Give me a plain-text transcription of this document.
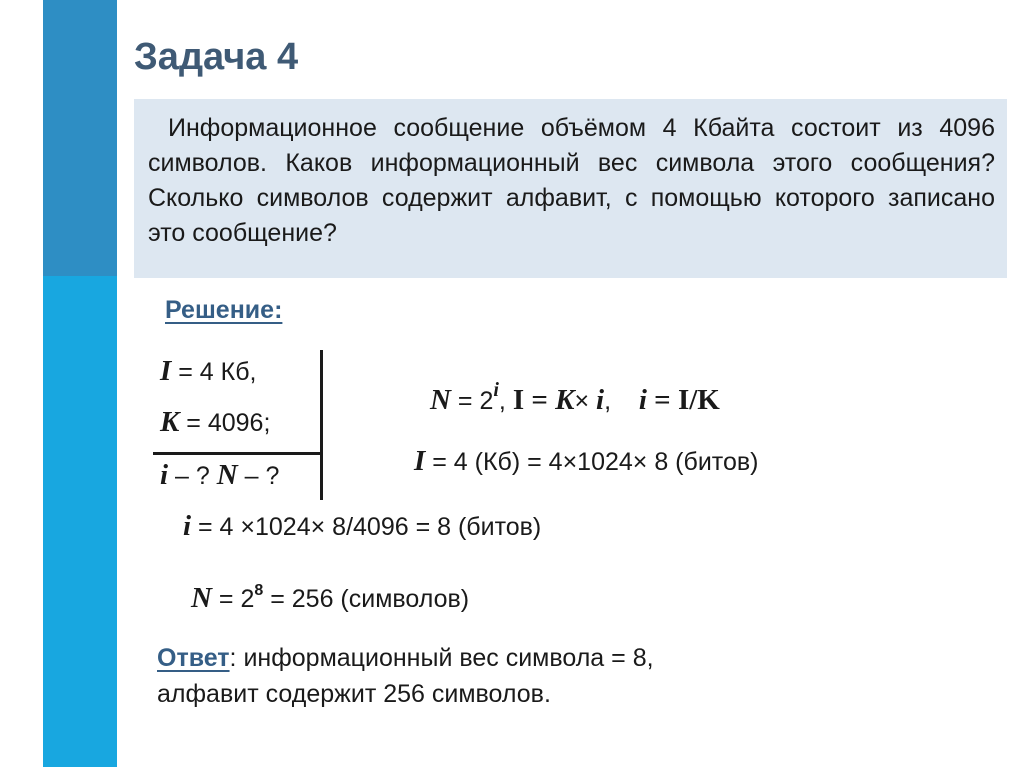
Задача 4

Информационное сообщение объёмом 4 Кбайта состоит из 4096 символов. Каков информационный вес символа этого сообщения? Сколько символов содержит алфавит, с помощью которого записано это сообщение?

Решение:
I = 4 Кб,
K = 4096;
i – ? N – ?
$N = 2^i$, I = K× i,    i = I/K
I = 4 (Кб) = 4×1024× 8 (битов)
i = 4 ×1024× 8/4096 = 8 (битов)
$N = 2^8 = 256$ (символов)
Ответ: информационный вес символа = 8,
алфавит содержит 256 символов.
